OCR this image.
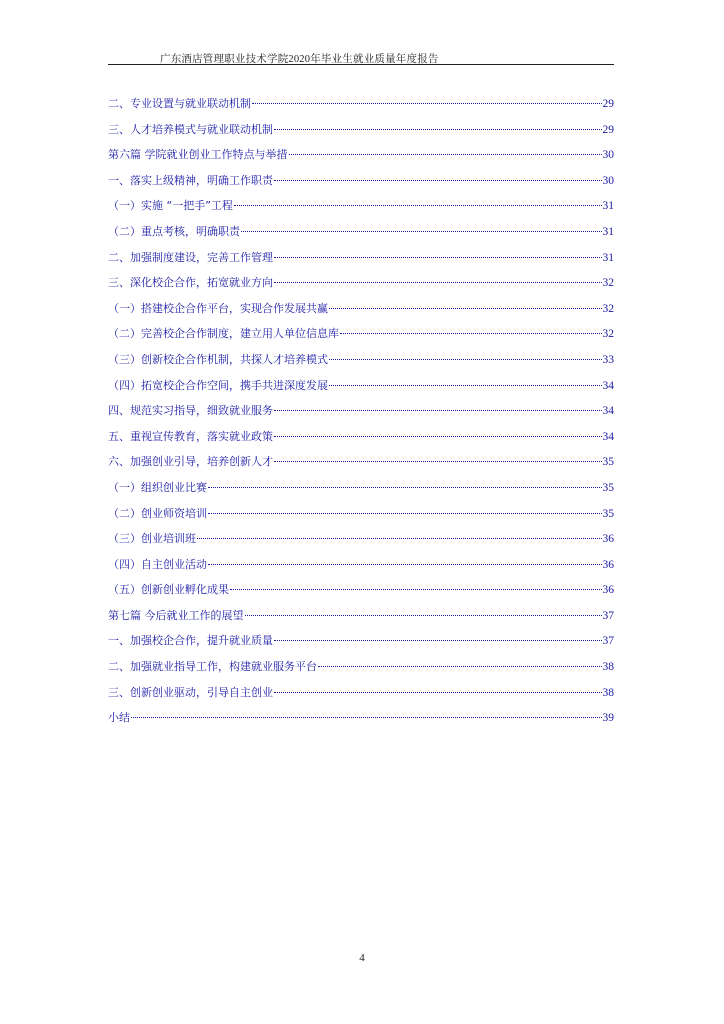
广东酒店管理职业技术学院2020年毕业生就业质量年度报告
二、专业设置与就业联动机制	29
三、人才培养模式与就业联动机制	29
第六篇 学院就业创业工作特点与举措	30
一、落实上级精神，明确工作职责	30
（一）实施 “一把手”工程	31
（二）重点考核，明确职责	31
二、加强制度建设，完善工作管理	31
三、深化校企合作，拓宽就业方向	32
（一）搭建校企合作平台，实现合作发展共赢	32
（二）完善校企合作制度，建立用人单位信息库	32
（三）创新校企合作机制，共探人才培养模式	33
（四）拓宽校企合作空间，携手共进深度发展	34
四、规范实习指导，细致就业服务	34
五、重视宣传教育，落实就业政策	34
六、加强创业引导，培养创新人才	35
（一）组织创业比赛	35
（二）创业师资培训	35
（三）创业培训班	36
（四）自主创业活动	36
（五）创新创业孵化成果	36
第七篇 今后就业工作的展望	37
一、加强校企合作，提升就业质量	37
二、加强就业指导工作，构建就业服务平台	38
三、创新创业驱动，引导自主创业	38
小结	39
4
